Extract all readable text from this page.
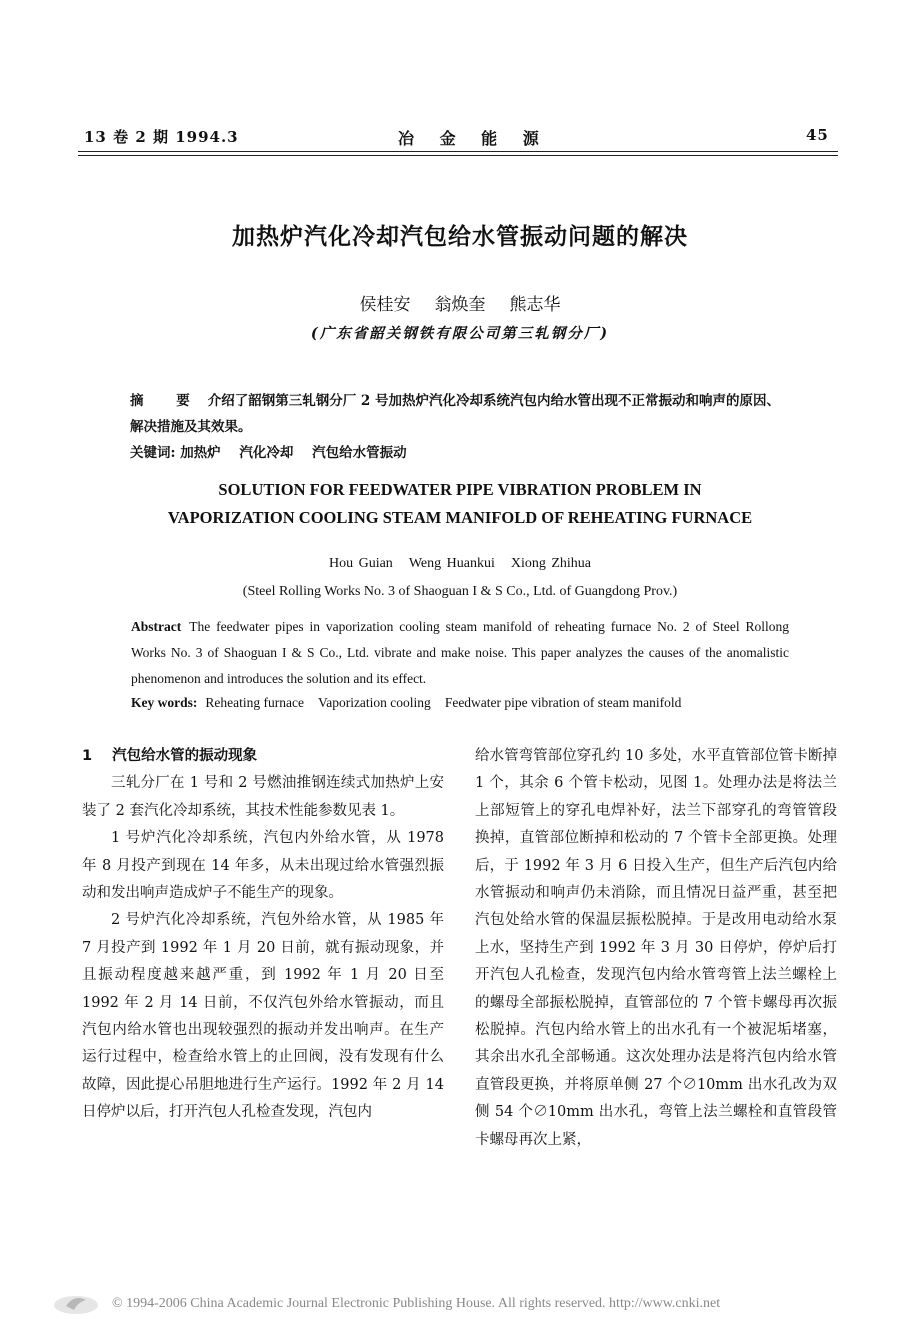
13 卷 2 期 1994.3	冶 金 能 源	45
加热炉汽化冷却汽包给水管振动问题的解决
侯桂安 翁焕奎 熊志华
(广东省韶关钢铁有限公司第三轧钢分厂)
摘 要 介绍了韶钢第三轧钢分厂 2 号加热炉汽化冷却系统汽包内给水管出现不正常振动和响声的原因、解决措施及其效果。
关键词: 加热炉 汽化冷却 汽包给水管振动
SOLUTION FOR FEEDWATER PIPE VIBRATION PROBLEM IN
VAPORIZATION COOLING STEAM MANIFOLD OF REHEATING FURNACE
Hou Guian Weng Huankui Xiong Zhihua
(Steel Rolling Works No. 3 of Shaoguan I & S Co., Ltd. of Guangdong Prov.)
Abstract The feedwater pipes in vaporization cooling steam manifold of reheating furnace No. 2 of Steel Rollong Works No. 3 of Shaoguan I & S Co., Ltd. vibrate and make noise. This paper analyzes the causes of the anomalistic phenomenon and introduces the solution and its effect.
Key words: Reheating furnace Vaporization cooling Feedwater pipe vibration of steam manifold
1 汽包给水管的振动现象

三轧分厂在 1 号和 2 号燃油推钢连续式加热炉上安装了 2 套汽化冷却系统，其技术性能参数见表 1。

1 号炉汽化冷却系统，汽包内外给水管，从 1978 年 8 月投产到现在 14 年多，从未出现过给水管强烈振动和发出响声造成炉子不能生产的现象。

2 号炉汽化冷却系统，汽包外给水管，从 1985 年 7 月投产到 1992 年 1 月 20 日前，就有振动现象，并且振动程度越来越严重，到 1992 年 1 月 20 日至 1992 年 2 月 14 日前，不仅汽包外给水管振动，而且汽包内给水管也出现较强烈的振动并发出响声。在生产运行过程中，检查给水管上的止回阀，没有发现有什么故障，因此提心吊胆地进行生产运行。1992 年 2 月 14 日停炉以后，打开汽包人孔检查发现，汽包内

给水管弯管部位穿孔约 10 多处，水平直管部位管卡断掉 1 个，其余 6 个管卡松动，见图 1。处理办法是将法兰上部短管上的穿孔电焊补好，法兰下部穿孔的弯管管段换掉，直管部位断掉和松动的 7 个管卡全部更换。处理后，于 1992 年 3 月 6 日投入生产，但生产后汽包内给水管振动和响声仍未消除，而且情况日益严重，甚至把汽包处给水管的保温层振松脱掉。于是改用电动给水泵上水，坚持生产到 1992 年 3 月 30 日停炉，停炉后打开汽包人孔检查，发现汽包内给水管弯管上法兰螺栓上的螺母全部振松脱掉，直管部位的 7 个管卡螺母再次振松脱掉。汽包内给水管上的出水孔有一个被泥垢堵塞，其余出水孔全部畅通。这次处理办法是将汽包内给水管直管段更换，并将原单侧 27 个∅10mm 出水孔改为双侧 54 个∅10mm 出水孔，弯管上法兰螺栓和直管段管卡螺母再次上紧，

© 1994-2006 China Academic Journal Electronic Publishing House. All rights reserved. http://www.cnki.net
